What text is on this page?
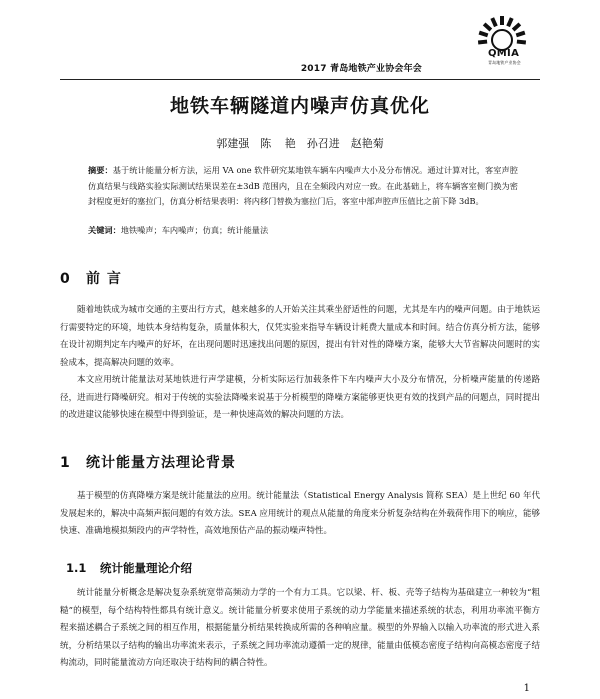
2017 青岛地铁产业协会年会
QMIA
青岛地铁产业协会
地铁车辆隧道内噪声仿真优化
郭建强　陈 艳　孙召进　赵艳菊
摘要：基于统计能量分析方法，运用 VA one 软件研究某地铁车辆车内噪声大小及分布情况。通过计算对比，客室声腔仿真结果与线路实验实际测试结果误差在±3dB 范围内，且在全频段内对应一致。在此基础上，将车辆客室侧门换为密封程度更好的塞拉门，仿真分析结果表明：将内移门替换为塞拉门后，客室中部声腔声压值比之前下降 3dB。
关键词：地铁噪声；车内噪声；仿真；统计能量法
0 前 言
随着地铁成为城市交通的主要出行方式，越来越多的人开始关注其乘坐舒适性的问题，尤其是车内的噪声问题。由于地铁运行需要特定的环境，地铁本身结构复杂，质量体积大，仅凭实验来指导车辆设计耗费大量成本和时间。结合仿真分析方法，能够在设计初期判定车内噪声的好坏，在出现问题时迅速找出问题的原因，提出有针对性的降噪方案，能够大大节省解决问题时的实验成本，提高解决问题的效率。
本文应用统计能量法对某地铁进行声学建模，分析实际运行加载条件下车内噪声大小及分布情况，分析噪声能量的传递路径，进而进行降噪研究。相对于传统的实验法降噪来说基于分析模型的降噪方案能够更快更有效的找到产品的问题点，同时提出的改进建议能够快速在模型中得到验证，是一种快速高效的解决问题的方法。
1 统计能量方法理论背景
基于模型的仿真降噪方案是统计能量法的应用。统计能量法（Statistical Energy Analysis 简称 SEA）是上世纪 60 年代发展起来的，解决中高频声振问题的有效方法。SEA 应用统计的观点从能量的角度来分析复杂结构在外载荷作用下的响应，能够快速、准确地模拟频段内的声学特性，高效地预估产品的振动噪声特性。
1.1 统计能量理论介绍
统计能量分析概念是解决复杂系统宽带高频动力学的一个有力工具。它以梁、杆、板、壳等子结构为基础建立一种较为“粗糙”的模型，每个结构特性都具有统计意义。统计能量分析要求使用子系统的动力学能量来描述系统的状态，利用功率流平衡方程来描述耦合子系统之间的相互作用，根据能量分析结果转换成所需的各种响应量。模型的外界输入以输入功率流的形式进入系统，分析结果以子结构的输出功率流来表示，子系统之间功率流动遵循一定的规律，能量由低模态密度子结构向高模态密度子结构流动，同时能量流动方向还取决于结构间的耦合特性。
1
